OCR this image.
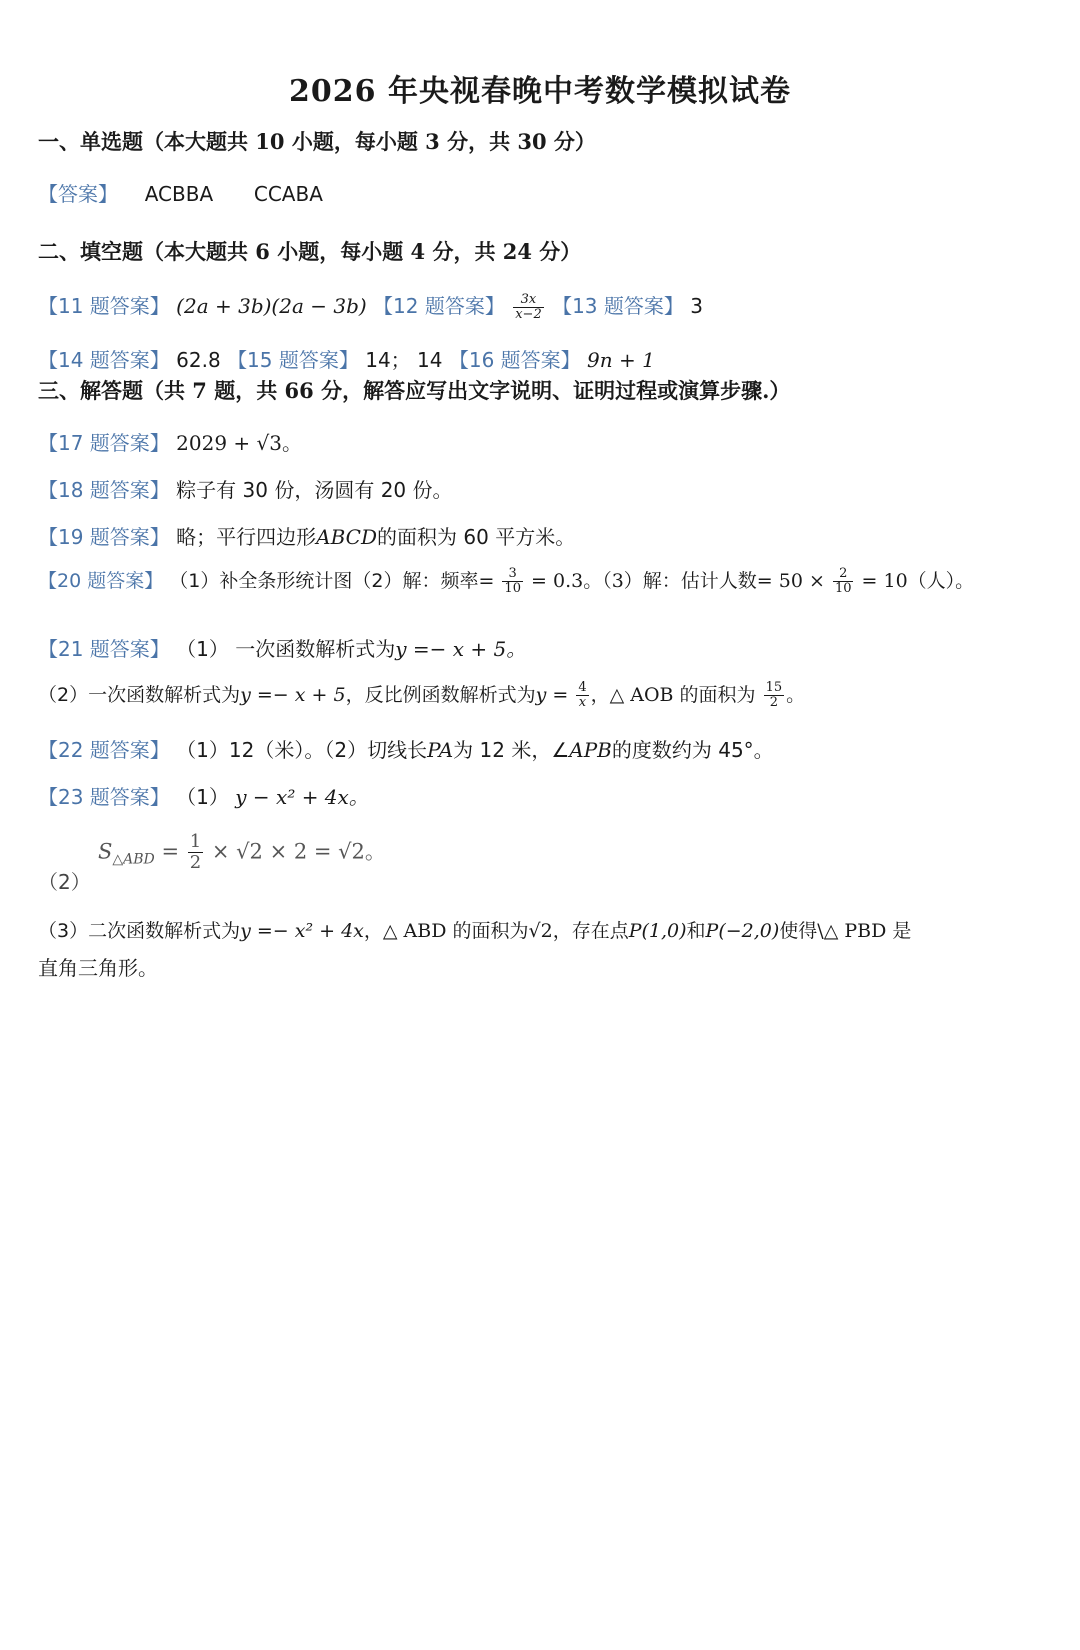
2026 年央视春晚中考数学模拟试卷
一、单选题（本大题共 10 小题，每小题 3 分，共 30 分）
【答案】 ACBBA CCABA
二、填空题（本大题共 6 小题，每小题 4 分，共 24 分）
【11 题答案】 (2a + 3b)(2a − 3b) 【12 题答案】 $\frac{3x}{x-2}$ 【13 题答案】 3
【14 题答案】 62.8 【15 题答案】 14； 14 【16 题答案】 9n + 1
三、解答题（共 7 题，共 66 分，解答应写出文字说明、证明过程或演算步骤.）
【17 题答案】 2029 + √3。
【18 题答案】 粽子有 30 份，汤圆有 20 份。
【19 题答案】 略；平行四边形ABCD的面积为 60 平方米。
【20 题答案】 （1）补全条形统计图（2）解：频率= $\frac{3}{10} = 0.3$。（3）解：估计人数= $50 \times \frac{2}{10} = 10$（人）。
【21 题答案】 （1） 一次函数解析式为y =− x + 5。
（2）一次函数解析式为y =− x + 5，反比例函数解析式为$y = \frac{4}{x}$ ，△ AOB 的面积为 $\frac{15}{2}$ 。
【22 题答案】 （1）12（米）。（2）切线长PA为 12 米，∠APB的度数约为 45°。
【23 题答案】 （1） y − x² + 4x。
（2）
$S_{\triangle ABD} = \frac{1}{2} \times √2 \times 2 = √2$。
（3）二次函数解析式为y =− x² + 4x，△ ABD 的面积为√2，存在点P(1,0)和P(−2,0)使得\△ PBD 是
直角三角形。
